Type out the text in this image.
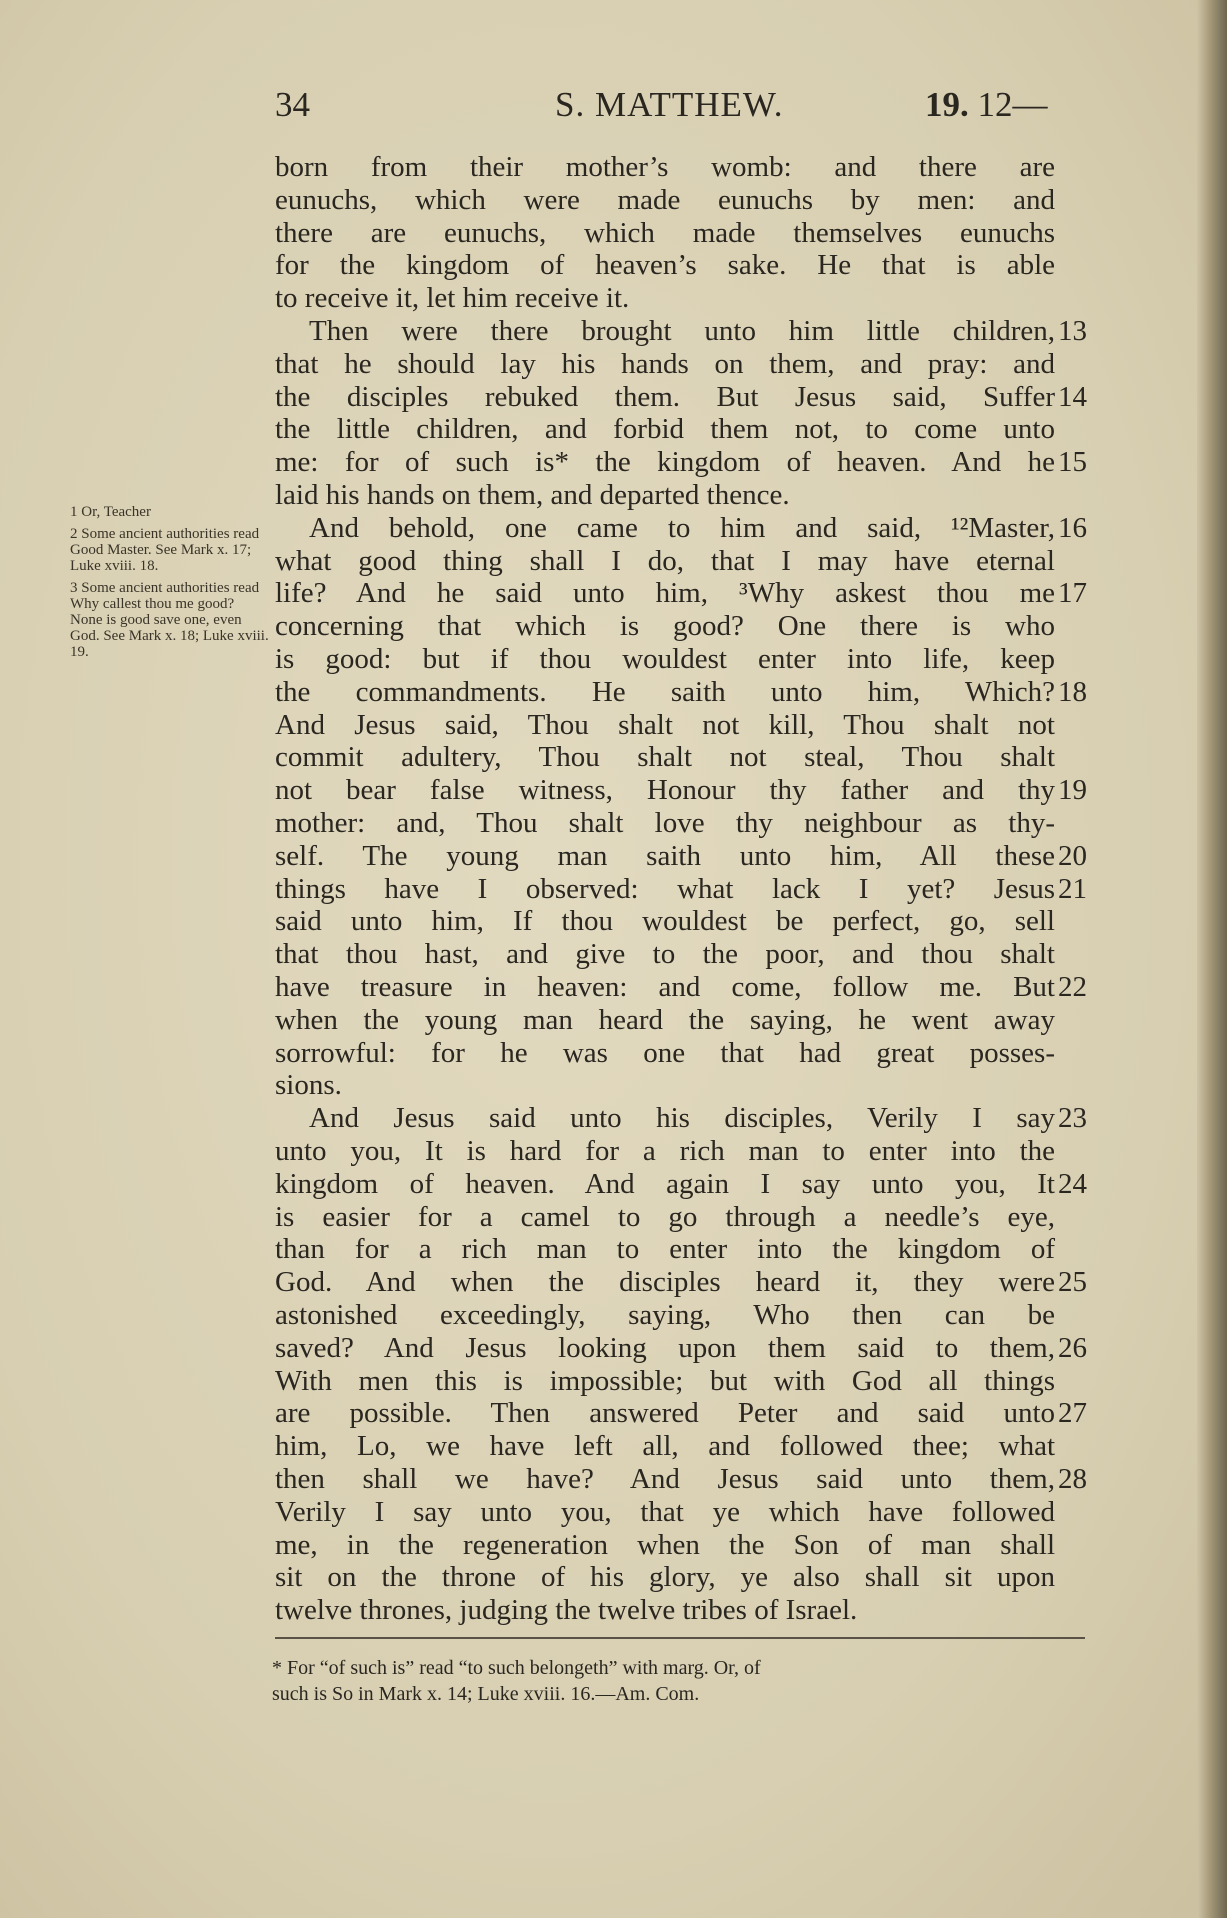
34	S. MATTHEW.	19. 12—
born from their mother’s womb: and there are
eunuchs, which were made eunuchs by men: and
there are eunuchs, which made themselves eunuchs
for the kingdom of heaven’s sake. He that is able
to receive it, let him receive it.
Then were there brought unto him little children,
that he should lay his hands on them, and pray: and
the disciples rebuked them. But Jesus said, Suffer
the little children, and forbid them not, to come unto
me: for of such is* the kingdom of heaven. And he
laid his hands on them, and departed thence.
And behold, one came to him and said, ¹²Master,
what good thing shall I do, that I may have eternal
life? And he said unto him, ³Why askest thou me
concerning that which is good? One there is who
is good: but if thou wouldest enter into life, keep
the commandments. He saith unto him, Which?
And Jesus said, Thou shalt not kill, Thou shalt not
commit adultery, Thou shalt not steal, Thou shalt
not bear false witness, Honour thy father and thy
mother: and, Thou shalt love thy neighbour as thy-
self. The young man saith unto him, All these
things have I observed: what lack I yet? Jesus
said unto him, If thou wouldest be perfect, go, sell
that thou hast, and give to the poor, and thou shalt
have treasure in heaven: and come, follow me. But
when the young man heard the saying, he went away
sorrowful: for he was one that had great posses-
sions.
And Jesus said unto his disciples, Verily I say
unto you, It is hard for a rich man to enter into the
kingdom of heaven. And again I say unto you, It
is easier for a camel to go through a needle’s eye,
than for a rich man to enter into the kingdom of
God. And when the disciples heard it, they were
astonished exceedingly, saying, Who then can be
saved? And Jesus looking upon them said to them,
With men this is impossible; but with God all things
are possible. Then answered Peter and said unto
him, Lo, we have left all, and followed thee; what
then shall we have? And Jesus said unto them,
Verily I say unto you, that ye which have followed
me, in the regeneration when the Son of man shall
sit on the throne of his glory, ye also shall sit upon
twelve thrones, judging the twelve tribes of Israel.
13
14
15
16
17
18
19
20
21
22
23
24
25
26
27
28
1 Or, Teacher
2 Some ancient authorities read Good Master. See Mark x. 17; Luke xviii. 18.
3 Some ancient authorities read Why callest thou me good? None is good save one, even God. See Mark x. 18; Luke xviii. 19.

* For “of such is” read “to such belongeth” with marg. Or, of

such is So in Mark x. 14; Luke xviii. 16.—Am. Com.
